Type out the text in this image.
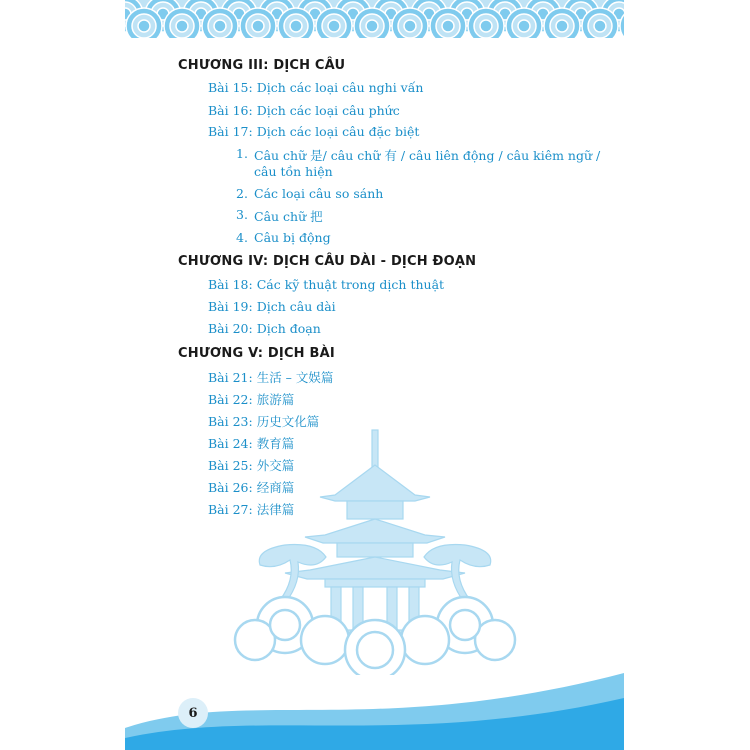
CHƯƠNG III: DỊCH CÂU
Bài 15: Dịch các loại câu nghi vấn
Bài 16: Dịch các loại câu phức
Bài 17: Dịch các loại câu đặc biệt
1. Câu chữ 是/ câu chữ 有 / câu liên động / câu kiêm ngữ /
câu tồn hiện
2. Các loại câu so sánh
3. Câu chữ 把
4. Câu bị động
CHƯƠNG IV: DỊCH CÂU DÀI - DỊCH ĐOẠN
Bài 18: Các kỹ thuật trong dịch thuật
Bài 19: Dịch câu dài
Bài 20: Dịch đoạn
CHƯƠNG V: DỊCH BÀI
Bài 21: 生活 – 文娱篇
Bài 22: 旅游篇
Bài 23: 历史文化篇
Bài 24: 教育篇
Bài 25: 外交篇
Bài 26: 经商篇
Bài 27: 法律篇
6
